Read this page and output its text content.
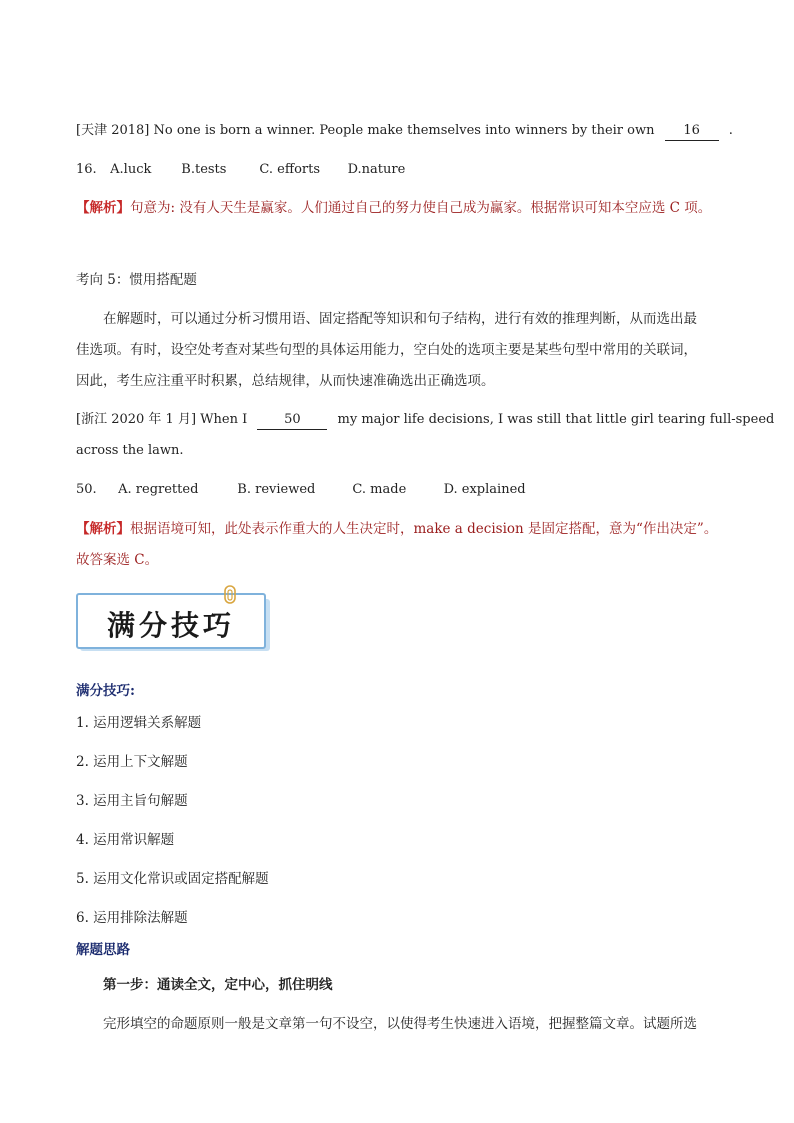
[天津 2018] No one is born a winner. People make themselves into winners by their own 16 .
16. A.luck B.tests	C. efforts D.nature
【解析】句意为: 没有人天生是赢家。人们通过自己的努力使自己成为赢家。根据常识可知本空应选 C 项。
考向 5：惯用搭配题
在解题时，可以通过分析习惯用语、固定搭配等知识和句子结构，进行有效的推理判断，从而选出最
佳选项。有时，设空处考查对某些句型的具体运用能力，空白处的选项主要是某些句型中常用的关联词，
因此，考生应注重平时积累，总结规律，从而快速准确选出正确选项。
[浙江 2020 年 1 月] When I	50	my major life decisions, I was still that little girl tearing full-speed
across the lawn.
50. A. regretted	B. reviewed	C. made	D. explained
【解析】根据语境可知，此处表示作重大的人生决定时，make a decision 是固定搭配，意为“作出决定”。
故答案选 C。
满分技巧
满分技巧:
1. 运用逻辑关系解题
2. 运用上下文解题
3. 运用主旨句解题
4. 运用常识解题
5. 运用文化常识或固定搭配解题
6. 运用排除法解题
解题思路
第一步：通读全文，定中心，抓住明线
完形填空的命题原则一般是文章第一句不设空，以使得考生快速进入语境，把握整篇文章。试题所选
